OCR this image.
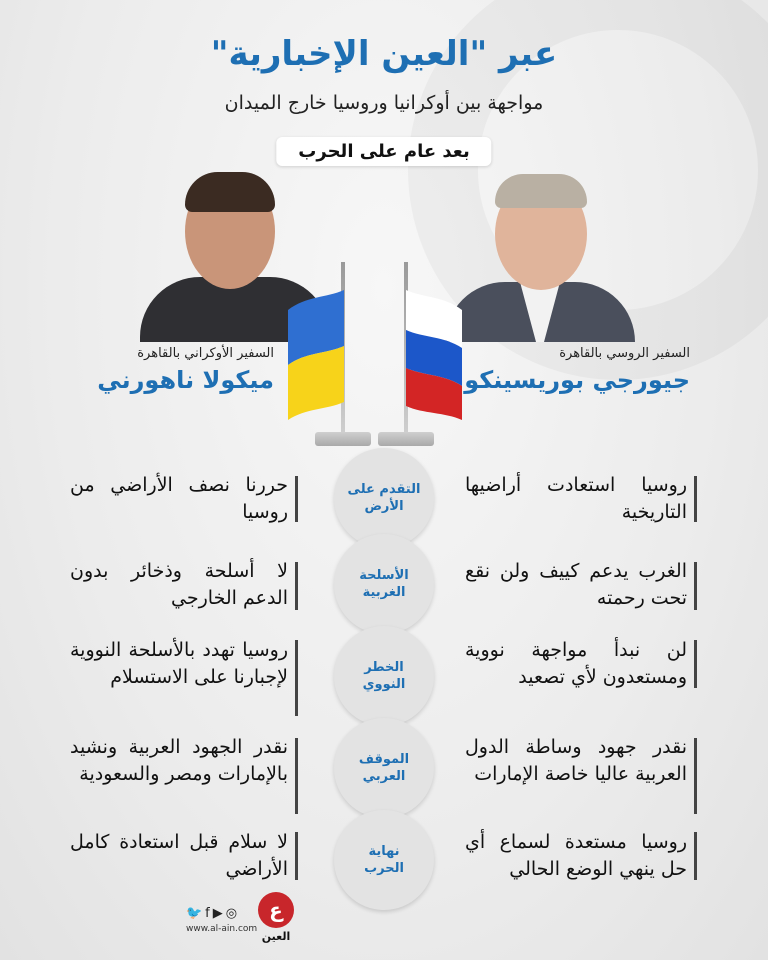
عبر "العين الإخبارية"
مواجهة بين أوكرانيا وروسيا خارج الميدان
بعد عام على الحرب
السفير الأوكراني بالقاهرة
ميكولا ناهورني
السفير الروسي بالقاهرة
جيورجي بوريسينكو
روسيا استعادت أراضيها التاريخية
التقدم على الأرض
حررنا نصف الأراضي من روسيا
الغرب يدعم كييف ولن نقع تحت رحمته
الأسلحة الغربية
لا أسلحة وذخائر بدون الدعم الخارجي
لن نبدأ مواجهة نووية ومستعدون لأي تصعيد
الخطر النووي
روسيا تهدد بالأسلحة النووية لإجبارنا على الاستسلام
نقدر جهود وساطة الدول العربية عاليا خاصة الإمارات
الموقف العربي
نقدر الجهود العربية ونشيد بالإمارات ومصر والسعودية
روسيا مستعدة لسماع أي حل ينهي الوضع الحالي
نهاية الحرب
لا سلام قبل استعادة كامل الأراضي
🐦f▶◎
www.al-ain.com
ع
العين
